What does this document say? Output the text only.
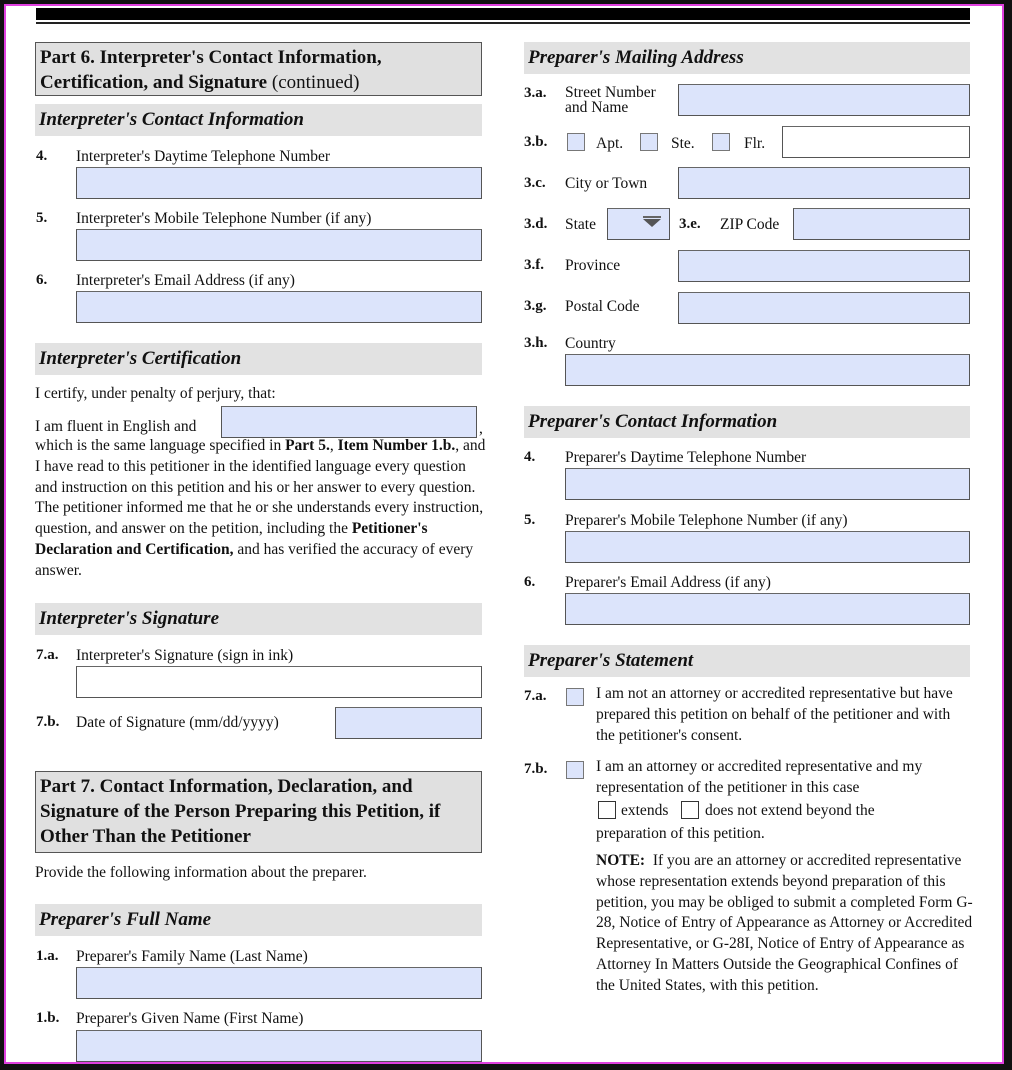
Part 6. Interpreter's Contact Information, Certification, and Signature (continued)
Interpreter's Contact Information
4. Interpreter's Daytime Telephone Number
5. Interpreter's Mobile Telephone Number (if any)
6. Interpreter's Email Address (if any)
Interpreter's Certification
I certify, under penalty of perjury, that:
I am fluent in English and	,
which is the same language specified in Part 5., Item Number 1.b., and I have read to this petitioner in the identified language every question and instruction on this petition and his or her answer to every question. The petitioner informed me that he or she understands every instruction, question, and answer on the petition, including the Petitioner's Declaration and Certification, and has verified the accuracy of every answer.
Interpreter's Signature
7.a. Interpreter's Signature (sign in ink)
7.b. Date of Signature (mm/dd/yyyy)
Part 7. Contact Information, Declaration, and Signature of the Person Preparing this Petition, if Other Than the Petitioner
Provide the following information about the preparer.
Preparer's Full Name
1.a. Preparer's Family Name (Last Name)
1.b. Preparer's Given Name (First Name)
Preparer's Mailing Address
3.a. Street Number and Name
3.b.	Apt.	Ste.	Flr.
3.c. City or Town
3.d. State	3.e. ZIP Code
3.f. Province
3.g. Postal Code
3.h. Country
Preparer's Contact Information
4. Preparer's Daytime Telephone Number
5. Preparer's Mobile Telephone Number (if any)
6. Preparer's Email Address (if any)
Preparer's Statement
7.a.	I am not an attorney or accredited representative but have prepared this petition on behalf of the petitioner and with the petitioner's consent.
7.b.	I am an attorney or accredited representative and my representation of the petitioner in this case
extends does not extend beyond the
preparation of this petition.
NOTE:  If you are an attorney or accredited representative whose representation extends beyond preparation of this petition, you may be obliged to submit a completed Form G-28, Notice of Entry of Appearance as Attorney or Accredited Representative, or G-28I, Notice of Entry of Appearance as Attorney In Matters Outside the Geographical Confines of the United States, with this petition.
